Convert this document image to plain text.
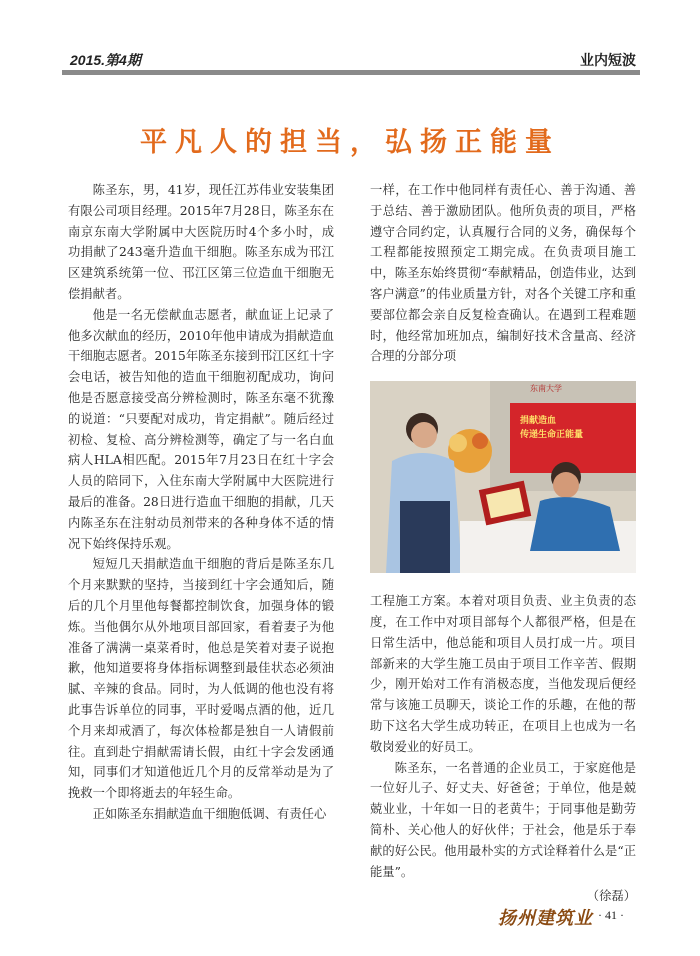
2015.第4期	业内短波
平凡人的担当，弘扬正能量

陈圣东，男，41岁，现任江苏伟业安装集团有限公司项目经理。2015年7月28日，陈圣东在南京东南大学附属中大医院历时4个多小时，成功捐献了243毫升造血干细胞。陈圣东成为邗江区建筑系统第一位、邗江区第三位造血干细胞无偿捐献者。

他是一名无偿献血志愿者，献血证上记录了他多次献血的经历，2010年他申请成为捐献造血干细胞志愿者。2015年陈圣东接到邗江区红十字会电话，被告知他的造血干细胞初配成功，询问他是否愿意接受高分辨检测时，陈圣东毫不犹豫的说道：“只要配对成功，肯定捐献”。随后经过初检、复检、高分辨检测等，确定了与一名白血病人HLA相匹配。2015年7月23日在红十字会人员的陪同下，入住东南大学附属中大医院进行最后的准备。28日进行造血干细胞的捐献，几天内陈圣东在注射动员剂带来的各种身体不适的情况下始终保持乐观。

短短几天捐献造血干细胞的背后是陈圣东几个月来默默的坚持，当接到红十字会通知后，随后的几个月里他每餐都控制饮食，加强身体的锻炼。当他偶尔从外地项目部回家，看着妻子为他准备了满满一桌菜肴时，他总是笑着对妻子说抱歉，他知道要将身体指标调整到最佳状态必须油腻、辛辣的食品。同时，为人低调的他也没有将此事告诉单位的同事，平时爱喝点酒的他，近几个月来却戒酒了，每次体检都是独自一人请假前往。直到赴宁捐献需请长假，由红十字会发函通知，同事们才知道他近几个月的反常举动是为了挽救一个即将逝去的年轻生命。

正如陈圣东捐献造血干细胞低调、有责任心

一样，在工作中他同样有责任心、善于沟通、善于总结、善于激励团队。他所负责的项目，严格遵守合同约定，认真履行合同的义务，确保每个工程都能按照预定工期完成。在负责项目施工中，陈圣东始终贯彻“奉献精品，创造伟业，达到客户满意”的伟业质量方针，对各个关键工序和重要部位都会亲自反复检查确认。在遇到工程难题时，他经常加班加点，编制好技术含量高、经济合理的分部分项

捐献造血
传递生命正能量
东南大学

工程施工方案。本着对项目负责、业主负责的态度，在工作中对项目部每个人都很严格，但是在日常生活中，他总能和项目人员打成一片。项目部新来的大学生施工员由于项目工作辛苦、假期少，刚开始对工作有消极态度，当他发现后便经常与该施工员聊天，谈论工作的乐趣，在他的帮助下这名大学生成功转正，在项目上也成为一名敬岗爱业的好员工。

陈圣东，一名普通的企业员工，于家庭他是一位好儿子、好丈夫、好爸爸；于单位，他是兢兢业业，十年如一日的老黄牛；于同事他是勤劳简朴、关心他人的好伙伴；于社会，他是乐于奉献的好公民。他用最朴实的方式诠释着什么是“正能量”。

（徐磊）

扬州建筑业 · 41 ·
